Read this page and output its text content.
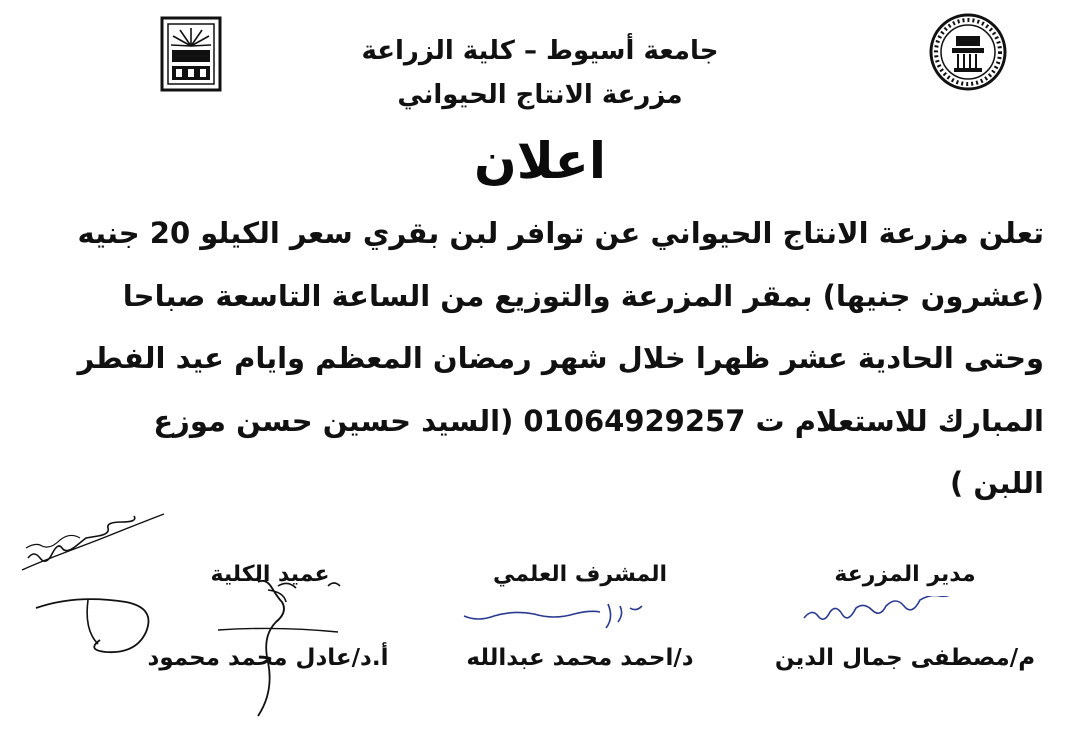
جامعة أسيوط – كلية الزراعة
مزرعة الانتاج الحيواني
اعلان
تعلن مزرعة الانتاج الحيواني عن توافر لبن بقري سعر الكيلو 20 جنيه
(عشرون جنيها) بمقر المزرعة والتوزيع من الساعة التاسعة صباحا
وحتى الحادية عشر ظهرا خلال شهر رمضان المعظم وايام عيد الفطر
المبارك للاستعلام ت 01064929257 (السيد حسين حسن موزع
اللبن )
مدير المزرعة
م/مصطفى جمال الدين
المشرف العلمي
د/احمد محمد عبدالله
عميد الكلية
أ.د/عادل محمد محمود
